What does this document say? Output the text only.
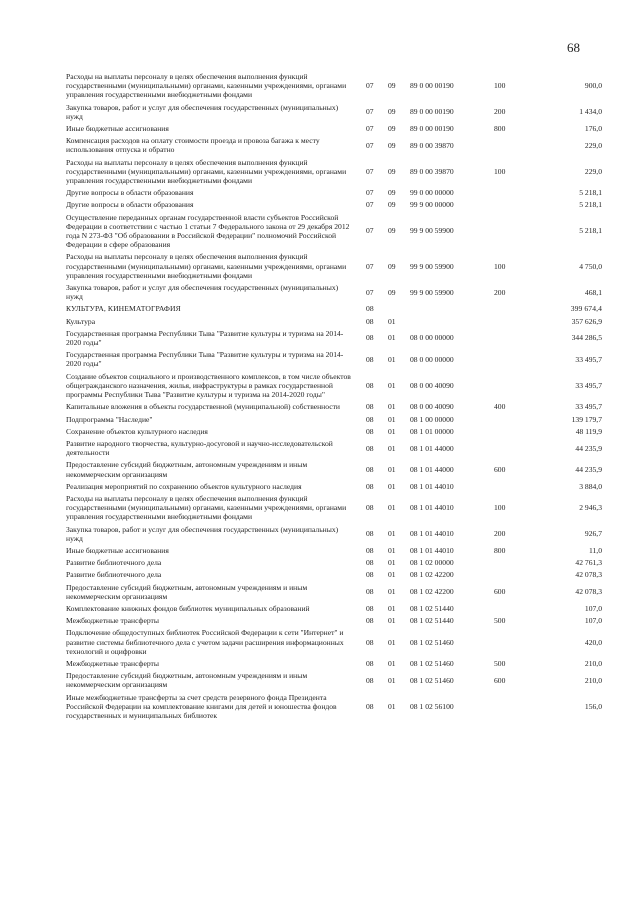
68
Расходы на выплаты персоналу в целях обеспечения выполнения функций государственными (муниципальными) органами, казенными учреждениями, органами управления государственными внебюджетными фондами	07	09	89 0 00 00190	100	900,0
Закупка товаров, работ и услуг для обеспечения государственных (муниципальных) нужд	07	09	89 0 00 00190	200	1 434,0
Иные бюджетные ассигнования	07	09	89 0 00 00190	800	176,0
Компенсация расходов на оплату стоимости проезда и провоза багажа к месту использования отпуска и обратно	07	09	89 0 00 39870		229,0
Расходы на выплаты персоналу в целях обеспечения выполнения функций государственными (муниципальными) органами, казенными учреждениями, органами управления государственными внебюджетными фондами	07	09	89 0 00 39870	100	229,0
Другие вопросы в области образования	07	09	99 0 00 00000		5 218,1
Другие вопросы в области образования	07	09	99 9 00 00000		5 218,1
Осуществление переданных органам государственной власти субъектов Российской Федерации в соответствии с частью 1 статьи 7 Федерального закона от 29 декабря 2012 года N 273-ФЗ "Об образовании в Российской Федерации" полномочий Российской Федерации в сфере образования	07	09	99 9 00 59900		5 218,1
Расходы на выплаты персоналу в целях обеспечения выполнения функций государственными (муниципальными) органами, казенными учреждениями, органами управления государственными внебюджетными фондами	07	09	99 9 00 59900	100	4 750,0
Закупка товаров, работ и услуг для обеспечения государственных (муниципальных) нужд	07	09	99 9 00 59900	200	468,1
КУЛЬТУРА, КИНЕМАТОГРАФИЯ	08				399 674,4
Культура	08	01			357 626,9
Государственная программа Республики Тыва "Развитие культуры и туризма на 2014-2020 годы"	08	01	08 0 00 00000		344 286,5
Государственная программа Республики Тыва "Развитие культуры и туризма на 2014-2020 годы"	08	01	08 0 00 00000		33 495,7
Создание объектов социального и производственного комплексов, в том числе объектов общегражданского назначения, жилья, инфраструктуры в рамках государственной программы Республики Тыва "Развитие культуры и туризма на 2014-2020 годы"	08	01	08 0 00 40090		33 495,7
Капитальные вложения в объекты государственной (муниципальной) собственности	08	01	08 0 00 40090	400	33 495,7
Подпрограмма "Наследие"	08	01	08 1 00 00000		139 179,7
Сохранение объектов культурного наследия	08	01	08 1 01 00000		48 119,9
Развитие народного творчества, культурно-досуговой и научно-исследовательской деятельности	08	01	08 1 01 44000		44 235,9
Предоставление субсидий бюджетным, автономным учреждениям и иным некоммерческим организациям	08	01	08 1 01 44000	600	44 235,9
Реализация мероприятий по сохранению объектов культурного наследия	08	01	08 1 01 44010		3 884,0
Расходы на выплаты персоналу в целях обеспечения выполнения функций государственными (муниципальными) органами, казенными учреждениями, органами управления государственными внебюджетными фондами	08	01	08 1 01 44010	100	2 946,3
Закупка товаров, работ и услуг для обеспечения государственных (муниципальных) нужд	08	01	08 1 01 44010	200	926,7
Иные бюджетные ассигнования	08	01	08 1 01 44010	800	11,0
Развитие библиотечного дела	08	01	08 1 02 00000		42 761,3
Развитие библиотечного дела	08	01	08 1 02 42200		42 078,3
Предоставление субсидий бюджетным, автономным учреждениям и иным некоммерческим организациям	08	01	08 1 02 42200	600	42 078,3
Комплектование книжных фондов библиотек муниципальных образований	08	01	08 1 02 51440		107,0
Межбюджетные трансферты	08	01	08 1 02 51440	500	107,0
Подключение общедоступных библиотек Российской Федерации к сети "Интернет" и развитие системы библиотечного дела с учетом задачи расширения информационных технологий и оцифровки	08	01	08 1 02 51460		420,0
Межбюджетные трансферты	08	01	08 1 02 51460	500	210,0
Предоставление субсидий бюджетным, автономным учреждениям и иным некоммерческим организациям	08	01	08 1 02 51460	600	210,0
Иные межбюджетные трансферты за счет средств резервного фонда Президента Российской Федерации на комплектование книгами для детей и юношества фондов государственных и муниципальных библиотек	08	01	08 1 02 56100		156,0
